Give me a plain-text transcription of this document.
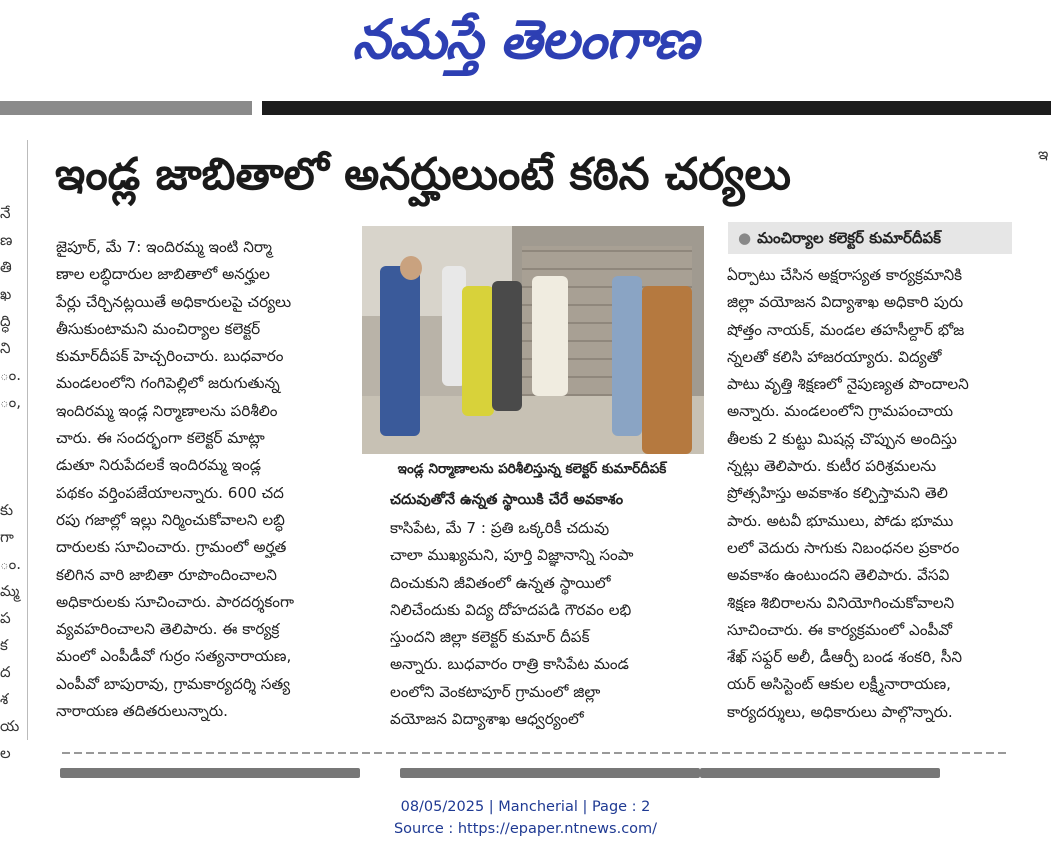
నమస్తే తెలంగాణ
నే
ణ
తి
ఖ
ద్ధి
ని
ం.
ం,
కు
గా
ం.
మ్మ
ప
క
ద
శ
య
ల
ఇ
ఇండ్ల జాబితాలో అనర్హులుంటే కఠిన చర్యలు
● మంచిర్యాల కలెక్టర్ కుమార్‌దీపక్

జైపూర్, మే 7: ఇందిరమ్మ ఇంటి నిర్మా

ణాల లబ్ధిదారుల జాబితాలో అనర్హుల

పేర్లు చేర్చినట్లయితే అధికారులపై చర్యలు

తీసుకుంటామని మంచిర్యాల కలెక్టర్

కుమార్‌దీపక్ హెచ్చరించారు. బుధవారం

మండలంలోని గంగిపెల్లిలో జరుగుతున్న

ఇందిరమ్మ ఇండ్ల నిర్మాణాలను పరిశీలిం

చారు. ఈ సందర్భంగా కలెక్టర్ మాట్లా

డుతూ నిరుపేదలకే ఇందిరమ్మ ఇండ్ల

పథకం వర్తింపజేయాలన్నారు. 600 చద

రపు గజాల్లో ఇల్లు నిర్మించుకోవాలని లబ్ధి

దారులకు సూచించారు. గ్రామంలో అర్హత

కలిగిన వారి జాబితా రూపొందించాలని

అధికారులకు సూచించారు. పారదర్శకంగా

వ్యవహరించాలని తెలిపారు. ఈ కార్యక్ర

మంలో ఎంపీడీవో గుర్రం సత్యనారాయణ,

ఎంపీవో బాపురావు, గ్రామకార్యదర్శి సత్య

నారాయణ తదితరులున్నారు.

ఇండ్ల నిర్మాణాలను పరిశీలిస్తున్న కలెక్టర్ కుమార్‌దీపక్
చదువుతోనే ఉన్నత స్థాయికి చేరే అవకాశం

కాసిపేట, మే 7 : ప్రతి ఒక్కరికీ చదువు

చాలా ముఖ్యమని, పూర్తి విజ్ఞానాన్ని సంపా

దించుకుని జీవితంలో ఉన్నత స్థాయిలో

నిలిచేందుకు విద్య దోహదపడి గౌరవం లభి

స్తుందని జిల్లా కలెక్టర్ కుమార్ దీపక్

అన్నారు. బుధవారం రాత్రి కాసిపేట మండ

లంలోని వెంకటాపూర్ గ్రామంలో జిల్లా

వయోజన విద్యాశాఖ ఆధ్వర్యంలో

ఏర్పాటు చేసిన అక్షరాస్యత కార్యక్రమానికి

జిల్లా వయోజన విద్యాశాఖ అధికారి పురు

షోత్తం నాయక్, మండల తహసీల్దార్ భోజ

న్నలతో కలిసి హాజరయ్యారు. విద్యతో

పాటు వృత్తి శిక్షణలో నైపుణ్యత పొందాలని

అన్నారు. మండలంలోని గ్రామపంచాయ

తీలకు 2 కుట్టు మిషన్ల చొప్పున అందిస్తు

న్నట్లు తెలిపారు. కుటీర పరిశ్రమలను

ప్రోత్సహిస్తు అవకాశం కల్పిస్తామని తెలి

పారు. అటవీ భూములు, పోడు భూము

లలో వెదురు సాగుకు నిబంధనల ప్రకారం

అవకాశం ఉంటుందని తెలిపారు. వేసవి

శిక్షణ శిబిరాలను వినియోగించుకోవాలని

సూచించారు. ఈ కార్యక్రమంలో ఎంపీవో

శేఖ్ సఫ్దర్ అలీ, డీఆర్పీ బండ శంకరి, సీని

యర్ అసిస్టెంట్ ఆకుల లక్ష్మీనారాయణ,

కార్యదర్శులు, అధికారులు పాల్గొన్నారు.

08/05/2025 | Mancherial | Page : 2
Source : https://epaper.ntnews.com/
